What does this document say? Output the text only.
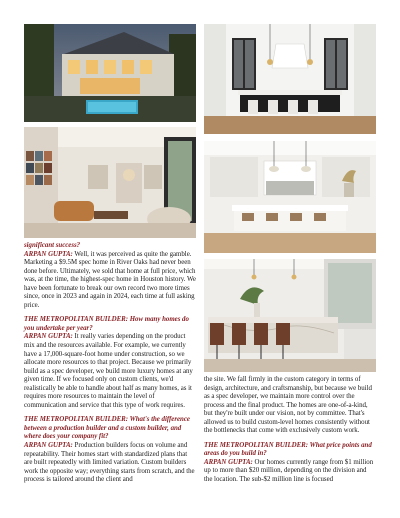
significant success?
ARPAN GUPTA: Well, it was perceived as quite the gamble. Marketing a $9.5M spec home in River Oaks had never been done before. Ultimately, we sold that home at full price, which was, at the time, the highest-spec home in Houston history. We have been fortunate to break our own record two more times since, once in 2023 and again in 2024, each time at full asking price.

THE METROPOLITAN BUILDER: How many homes do you undertake per year?
ARPAN GUPTA: It really varies depending on the product mix and the resources available. For example, we currently have a 17,000-square-foot home under construction, so we allocate more resources to that project. Because we primarily build as a spec developer, we build more luxury homes at any given time. If we focused only on custom clients, we'd realistically be able to handle about half as many homes, as it requires more resources to maintain the level of communication and service that this type of work requires.

THE METROPOLITAN BUILDER: What's the difference between a production builder and a custom builder, and where does your company fit?
ARPAN GUPTA: Production builders focus on volume and repeatability. Their homes start with standardized plans that are built repeatedly with limited variation. Custom builders work the opposite way; everything starts from scratch, and the process is tailored around the client and

the site. We fall firmly in the custom category in terms of design, architecture, and craftsmanship, but because we build as a spec developer, we maintain more control over the process and the final product. The homes are one-of-a-kind, but they're built under our vision, not by committee. That's allowed us to build custom-level homes consistently without the bottlenecks that come with exclusively custom work.

THE METROPOLITAN BUILDER: What price points and areas do you build in?
ARPAN GUPTA: Our homes currently range from $1 million up to more than $20 million, depending on the division and the location. The sub-$2 million line is focused
